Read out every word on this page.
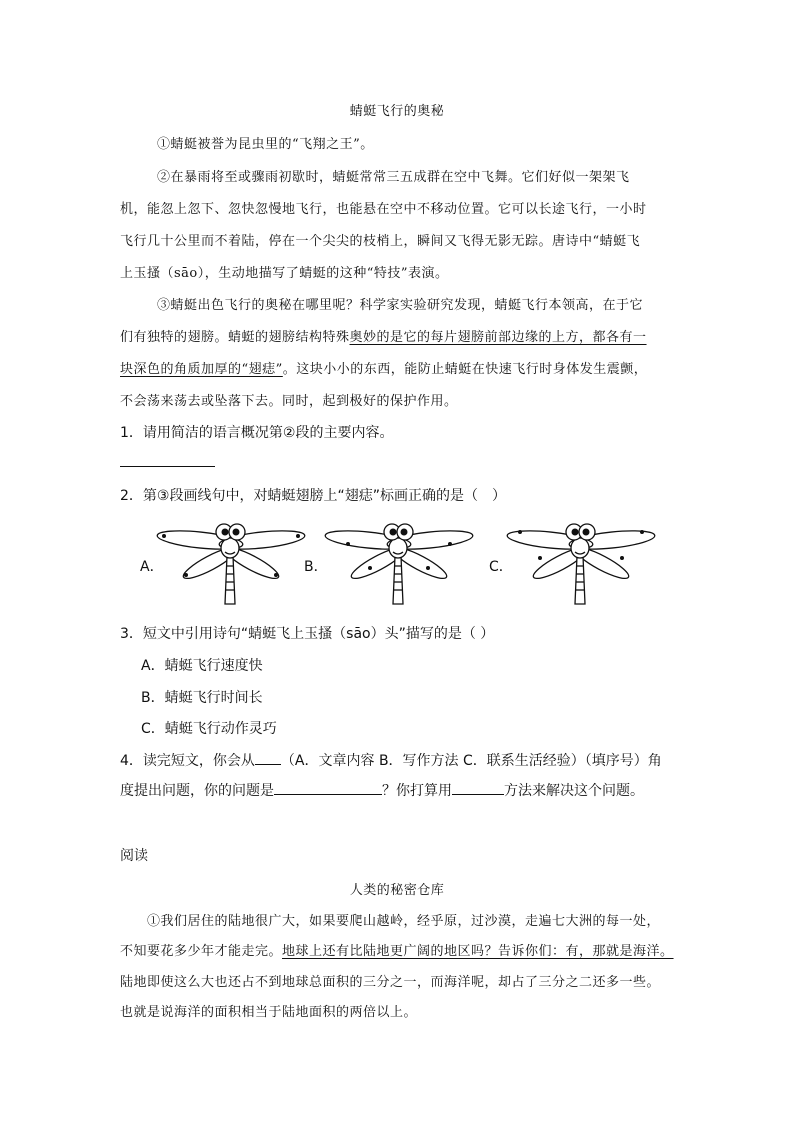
蜻蜓飞行的奥秘
①蜻蜓被誉为昆虫里的“飞翔之王”。
②在暴雨将至或骤雨初歇时，蜻蜓常常三五成群在空中飞舞。它们好似一架架飞
机，能忽上忽下、忽快忽慢地飞行，也能悬在空中不移动位置。它可以长途飞行，一小时
飞行几十公里而不着陆，停在一个尖尖的枝梢上，瞬间又飞得无影无踪。唐诗中“蜻蜓飞
上玉搔（sāo），生动地描写了蜻蜓的这种“特技”表演。
③蜻蜓出色飞行的奥秘在哪里呢？科学家实验研究发现，蜻蜓飞行本领高，在于它
们有独特的翅膀。蜻蜓的翅膀结构特殊奥妙的是它的每片翅膀前部边缘的上方，都各有一
块深色的角质加厚的“翅痣”。这块小小的东西，能防止蜻蜓在快速飞行时身体发生震颤，
不会荡来荡去或坠落下去。同时，起到极好的保护作用。
1．请用简洁的语言概况第②段的主要内容。
2．第③段画线句中，对蜻蜓翅膀上“翅痣”标画正确的是（　）
A．	B．	C．
3．短文中引用诗句“蜻蜓飞上玉搔（sāo）头”描写的是（ ）
A．蜻蜓飞行速度快
B．蜻蜓飞行时间长
C．蜻蜓飞行动作灵巧
4．读完短文，你会从 （A．文章内容 B．写作方法 C．联系生活经验）（填序号）角
度提出问题，你的问题是	？你打算用	方法来解决这个问题。
阅读
人类的秘密仓库
①我们居住的陆地很广大，如果要爬山越岭，经乎原，过沙漠，走遍七大洲的每一处，
不知要花多少年才能走完。地球上还有比陆地更广阔的地区吗？告诉你们：有，那就是海洋。
陆地即使这么大也还占不到地球总面积的三分之一，而海洋呢，却占了三分之二还多一些。
也就是说海洋的面积相当于陆地面积的两倍以上。
